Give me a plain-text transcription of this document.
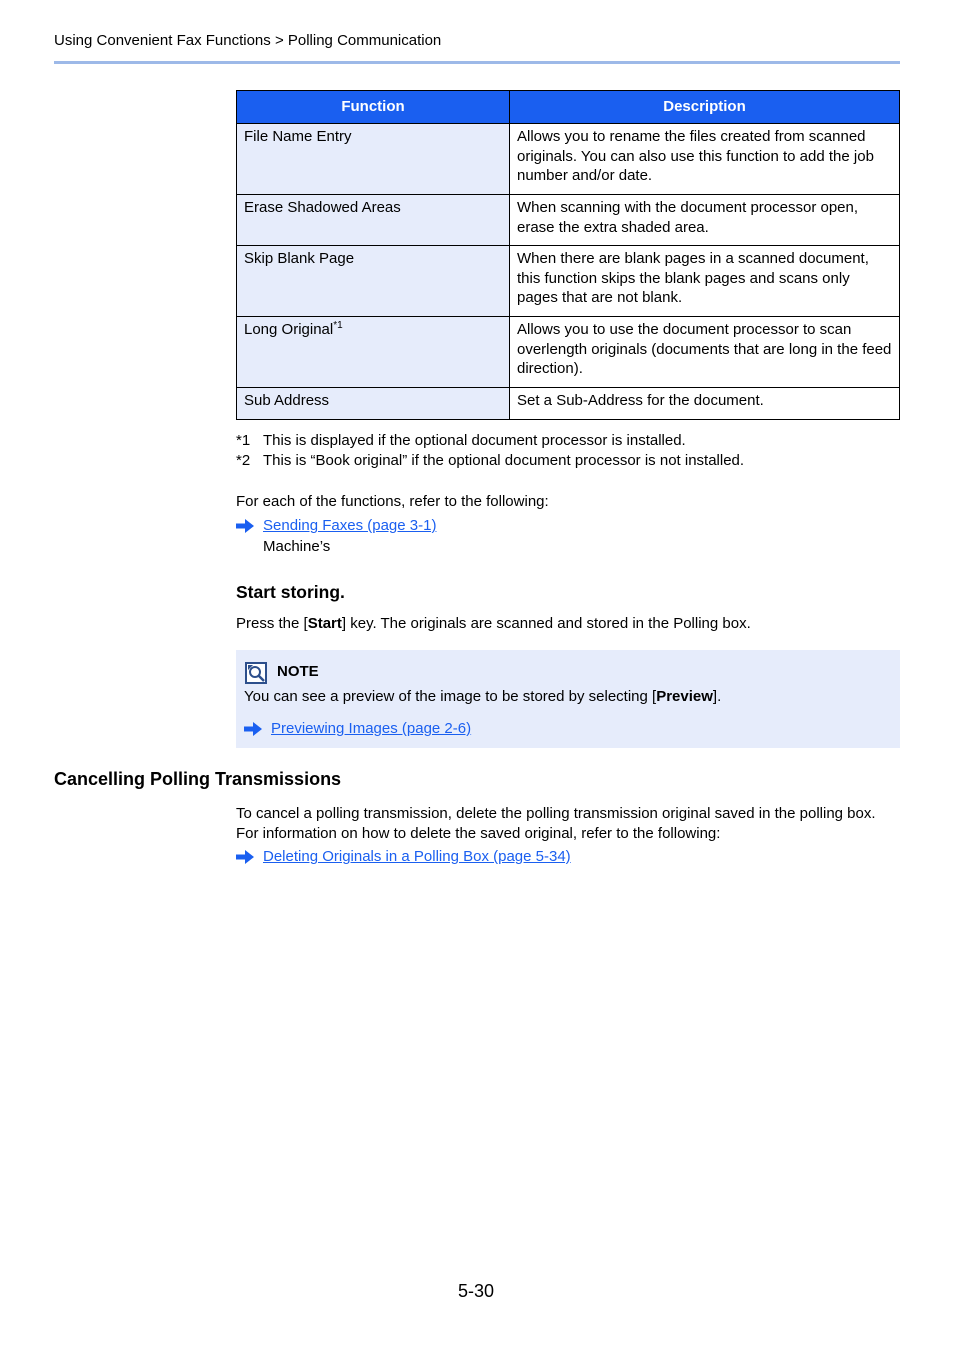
Using Convenient Fax Functions > Polling Communication
Function	Description
File Name Entry	Allows you to rename the files created from scanned originals. You can also use this function to add the job number and/or date.
Erase Shadowed Areas	When scanning with the document processor open, erase the extra shaded area.
Skip Blank Page	When there are blank pages in a scanned document, this function skips the blank pages and scans only pages that are not blank.
Long Original$^{*1}$	Allows you to use the document processor to scan overlength originals (documents that are long in the feed direction).
Sub Address	Set a Sub-Address for the document.
*1 This is displayed if the optional document processor is installed.
*2 This is “Book original” if the optional document processor is not installed.
For each of the functions, refer to the following:
Sending Faxes (page 3-1)
Machine’s
Start storing.
Press the [Start] key. The originals are scanned and stored in the Polling box.
NOTE
You can see a preview of the image to be stored by selecting [Preview].
Previewing Images (page 2-6)
Cancelling Polling Transmissions
To cancel a polling transmission, delete the polling transmission original saved in the polling box. For information on how to delete the saved original, refer to the following:
Deleting Originals in a Polling Box (page 5-34)
5-30
